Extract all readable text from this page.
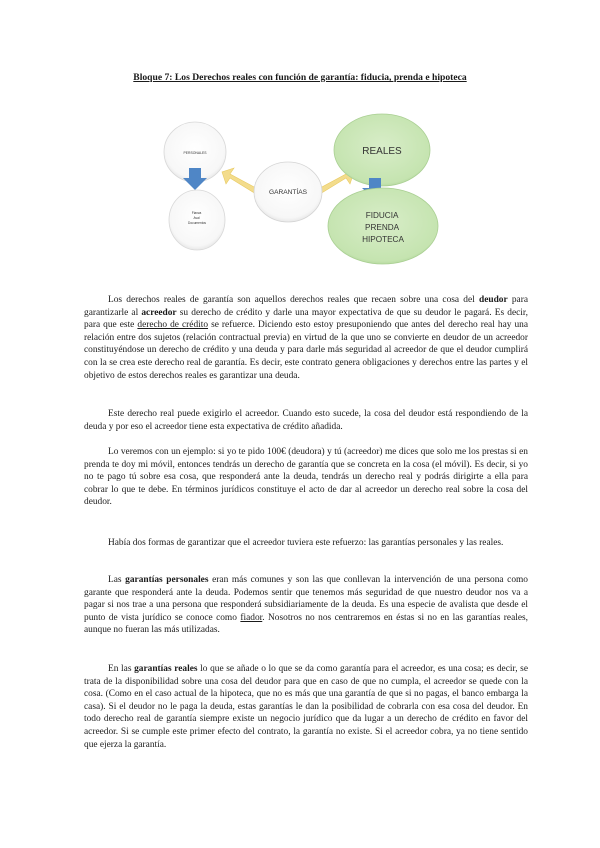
Bloque 7: Los Derechos reales con función de garantía: fiducia, prenda e hipoteca
PERSONALES
Fianza Aval Documentos
GARANTÍAS
REALES
FIDUCIA PRENDA HIPOTECA

Los derechos reales de garantía son aquellos derechos reales que recaen sobre una cosa del deudor para garantizarle al acreedor su derecho de crédito y darle una mayor expectativa de que su deudor le pagará. Es decir, para que este derecho de crédito se refuerce. Diciendo esto estoy presuponiendo que antes del derecho real hay una relación entre dos sujetos (relación contractual previa) en virtud de la que uno se convierte en deudor de un acreedor constituyéndose un derecho de crédito y una deuda y para darle más seguridad al acreedor de que el deudor cumplirá con la se crea este derecho real de garantía. Es decir, este contrato genera obligaciones y derechos entre las partes y el objetivo de estos derechos reales es garantizar una deuda.

Este derecho real puede exigirlo el acreedor. Cuando esto sucede, la cosa del deudor está respondiendo de la deuda y por eso el acreedor tiene esta expectativa de crédito añadida.

Lo veremos con un ejemplo: si yo te pido 100€ (deudora) y tú (acreedor) me dices que solo me los prestas si en prenda te doy mi móvil, entonces tendrás un derecho de garantía que se concreta en la cosa (el móvil). Es decir, si yo no te pago tú sobre esa cosa, que responderá ante la deuda, tendrás un derecho real y podrás dirigirte a ella para cobrar lo que te debe. En términos jurídicos constituye el acto de dar al acreedor un derecho real sobre la cosa del deudor.

Había dos formas de garantizar que el acreedor tuviera este refuerzo: las garantías personales y las reales.

Las garantías personales eran más comunes y son las que conllevan la intervención de una persona como garante que responderá ante la deuda. Podemos sentir que tenemos más seguridad de que nuestro deudor nos va a pagar si nos trae a una persona que responderá subsidiariamente de la deuda. Es una especie de avalista que desde el punto de vista jurídico se conoce como fiador. Nosotros no nos centraremos en éstas si no en las garantías reales, aunque no fueran las más utilizadas.

En las garantías reales lo que se añade o lo que se da como garantía para el acreedor, es una cosa; es decir, se trata de la disponibilidad sobre una cosa del deudor para que en caso de que no cumpla, el acreedor se quede con la cosa. (Como en el caso actual de la hipoteca, que no es más que una garantía de que si no pagas, el banco embarga la casa). Si el deudor no le paga la deuda, estas garantías le dan la posibilidad de cobrarla con esa cosa del deudor. En todo derecho real de garantía siempre existe un negocio jurídico que da lugar a un derecho de crédito en favor del acreedor. Si se cumple este primer efecto del contrato, la garantía no existe. Si el acreedor cobra, ya no tiene sentido que ejerza la garantía.
